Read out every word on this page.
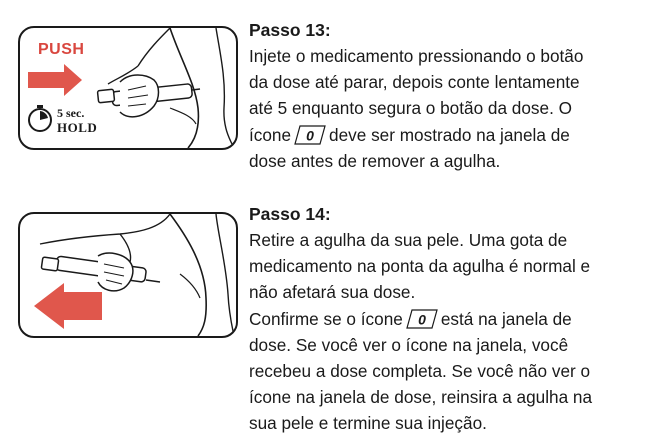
PUSH
5 sec.
HOLD
Passo 13:
Injete o medicamento pressionando o botão
da dose até parar, depois conte lentamente
até 5 enquanto segura o botão da dose. O
ícone 0 deve ser mostrado na janela de
dose antes de remover a agulha.
Passo 14:
Retire a agulha da sua pele. Uma gota de
medicamento na ponta da agulha é normal e
não afetará sua dose.
Confirme se o ícone 0 está na janela de
dose. Se você ver o ícone na janela, você
recebeu a dose completa. Se você não ver o
ícone na janela de dose, reinsira a agulha na
sua pele e termine sua injeção.
